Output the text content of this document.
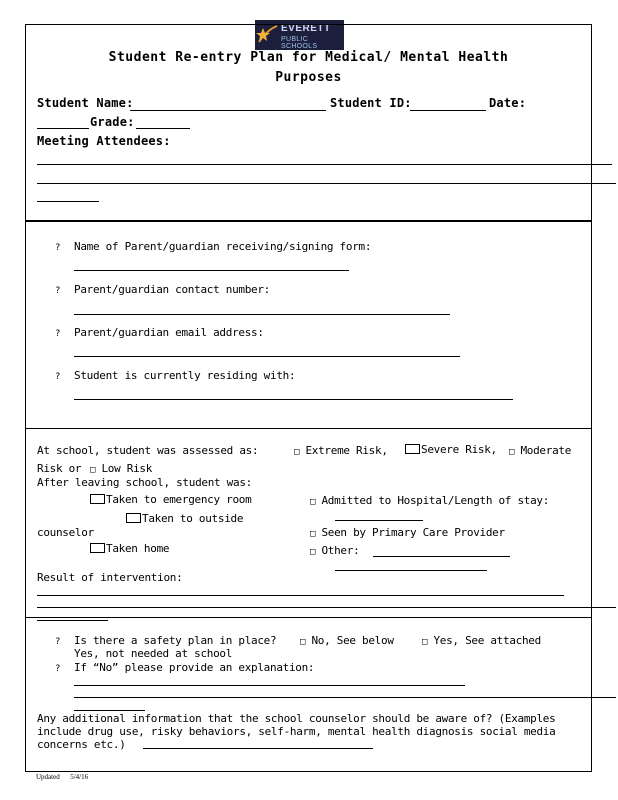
EVERETT
PUBLIC SCHOOLS
Student Re-entry Plan for Medical/ Mental Health
Purposes
Student Name:	Student ID:	Date:
Grade:
Meeting Attendees:
? Name of Parent/guardian receiving/signing form:
? Parent/guardian contact number:
? Parent/guardian email address:
? Student is currently residing with:
At school, student was assessed as:	□ Extreme Risk,	Severe Risk, □ Moderate
Risk or □ Low Risk
After leaving school, student was:
Taken to emergency room	□ Admitted to Hospital/Length of stay:
Taken to outside
counselor	□ Seen by Primary Care Provider
Taken home	□ Other:
Result of intervention:
? Is there a safety plan in place?	□ No, See below	□ Yes, See attached
Yes, not needed at school
? If “No” please provide an explanation:
Any additional information that the school counselor should be aware of? (Examples
include drug use, risky behaviors, self-harm, mental health diagnosis social media
concerns etc.)
Updated 5/4/16
